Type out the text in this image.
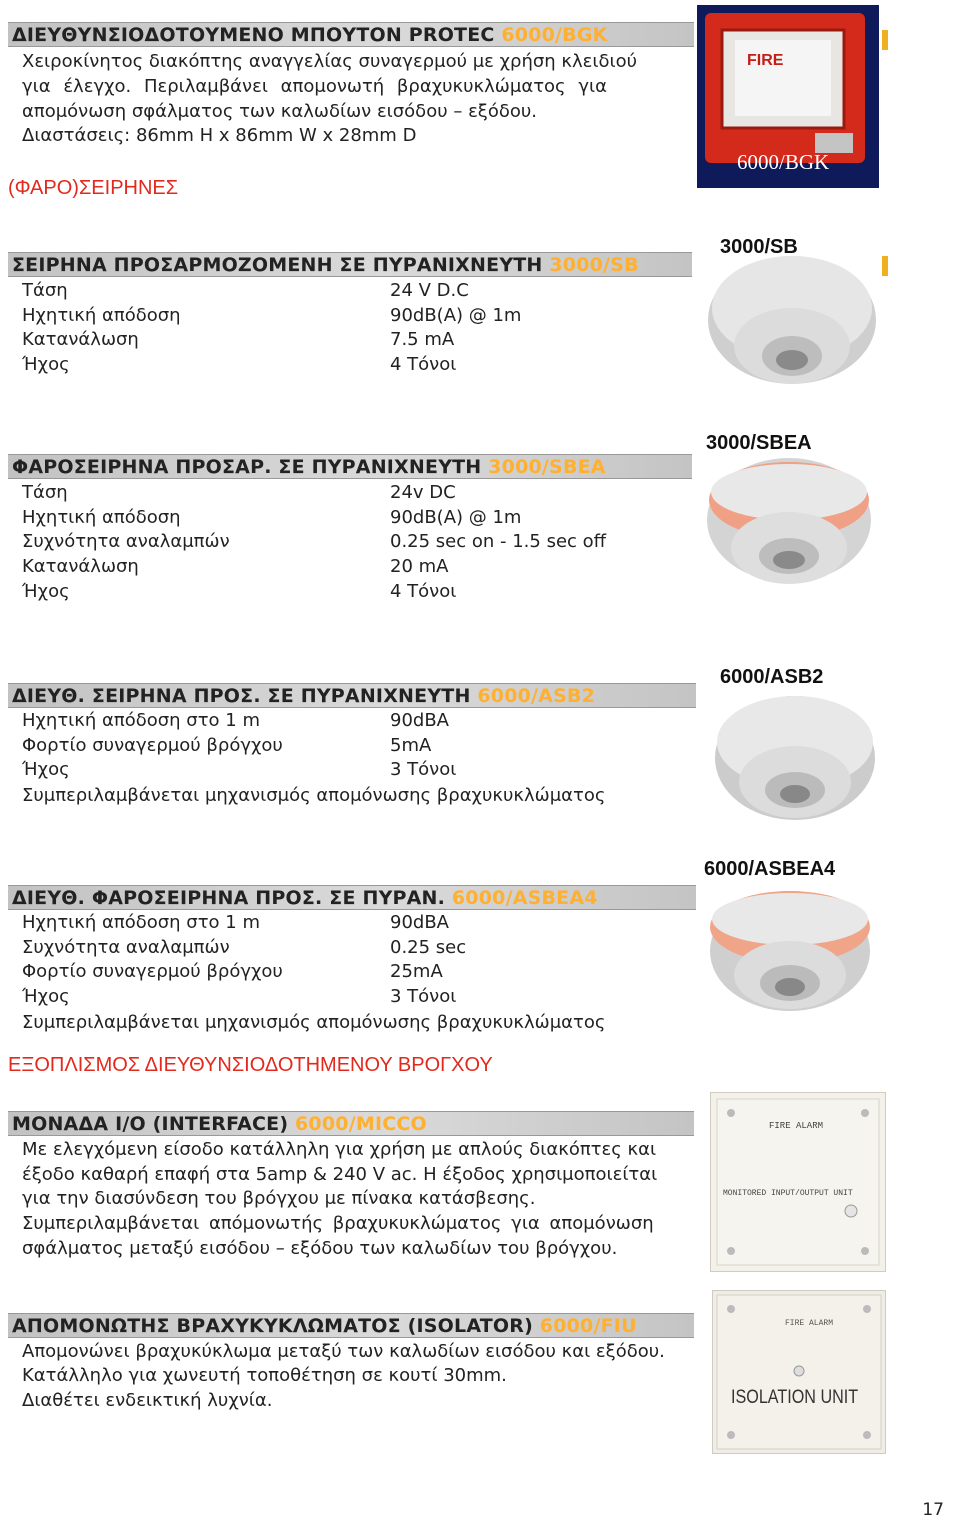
ΔΙΕΥΘΥΝΣΙΟΔΟΤΟΥΜΕΝΟ ΜΠΟΥΤΟΝ PROTEC 6000/BGK
Χειροκίνητος διακόπτης αναγγελίας συναγερμού με χρήση κλειδιού
για έλεγχο. Περιλαμβάνει απομονωτή βραχυκυκλώματος για
απομόνωση σφάλματος των καλωδίων εισόδου – εξόδου.
Διαστάσεις: 86mm H x 86mm W x 28mm D
(ΦΑΡΟ)ΣΕΙΡΗΝΕΣ
FIRE
6000/BGK
ΣΕΙΡΗΝΑ ΠΡΟΣΑΡΜΟΖΟΜΕΝΗ ΣΕ ΠΥΡΑΝΙΧΝΕΥΤΗ 3000/SB
Τάση	24 V D.C
Ηχητική απόδοση	90dB(A) @ 1m
Κατανάλωση	7.5 mA
Ήχος	4 Τόνοι
3000/SB
ΦΑΡΟΣΕΙΡΗΝΑ ΠΡΟΣΑΡ. ΣΕ ΠΥΡΑΝΙΧΝΕΥΤΗ 3000/SBEA
Τάση	24v DC
Ηχητική απόδοση	90dB(A) @ 1m
Συχνότητα αναλαμπών	0.25 sec on - 1.5 sec off
Κατανάλωση	20 mA
Ήχος	4 Τόνοι
3000/SBEA
ΔΙΕΥΘ. ΣΕΙΡΗΝΑ ΠΡΟΣ. ΣΕ ΠΥΡΑΝΙΧΝΕΥΤΗ 6000/ASB2
Ηχητική απόδοση στο 1 m	90dBA
Φορτίο συναγερμού βρόγχου	5mA
Ήχος	3 Τόνοι
Συμπεριλαμβάνεται μηχανισμός απομόνωσης βραχυκυκλώματος
6000/ASB2
ΔΙΕΥΘ. ΦΑΡΟΣΕΙΡΗΝΑ ΠΡΟΣ. ΣΕ ΠΥΡΑΝ. 6000/ASBEA4
Ηχητική απόδοση στο 1 m	90dBA
Συχνότητα αναλαμπών	0.25 sec
Φορτίο συναγερμού βρόγχου	25mA
Ήχος	3 Τόνοι
Συμπεριλαμβάνεται μηχανισμός απομόνωσης βραχυκυκλώματος
6000/ASBEA4
ΕΞΟΠΛΙΣΜΟΣ ΔΙΕΥΘΥΝΣΙΟΔΟΤΗΜΕΝΟΥ ΒΡΟΓΧΟΥ
ΜΟΝΑΔΑ Ι/Ο (INTERFACE) 6000/MICCO
Με ελεγχόμενη είσοδο κατάλληλη για χρήση με απλούς διακόπτες και
έξοδο καθαρή επαφή στα 5amp & 240 V ac. Η έξοδος χρησιμοποιείται
για την διασύνδεση του βρόγχου με πίνακα κατάσβεσης.
Συμπεριλαμβάνεται απόμονωτής βραχυκυκλώματος για απομόνωση
σφάλματος μεταξύ εισόδου – εξόδου των καλωδίων του βρόγχου.
FIRE ALARM
MONITORED INPUT/OUTPUT UNIT
ΑΠΟΜΟΝΩΤΗΣ ΒΡΑΧΥΚΥΚΛΩΜΑΤΟΣ (ISOLATOR) 6000/FIU
Απομονώνει βραχυκύκλωμα μεταξύ των καλωδίων εισόδου και εξόδου.
Κατάλληλο για χωνευτή τοποθέτηση σε κουτί 30mm.
Διαθέτει ενδεικτική λυχνία.
FIRE ALARM
ISOLATION UNIT
17
